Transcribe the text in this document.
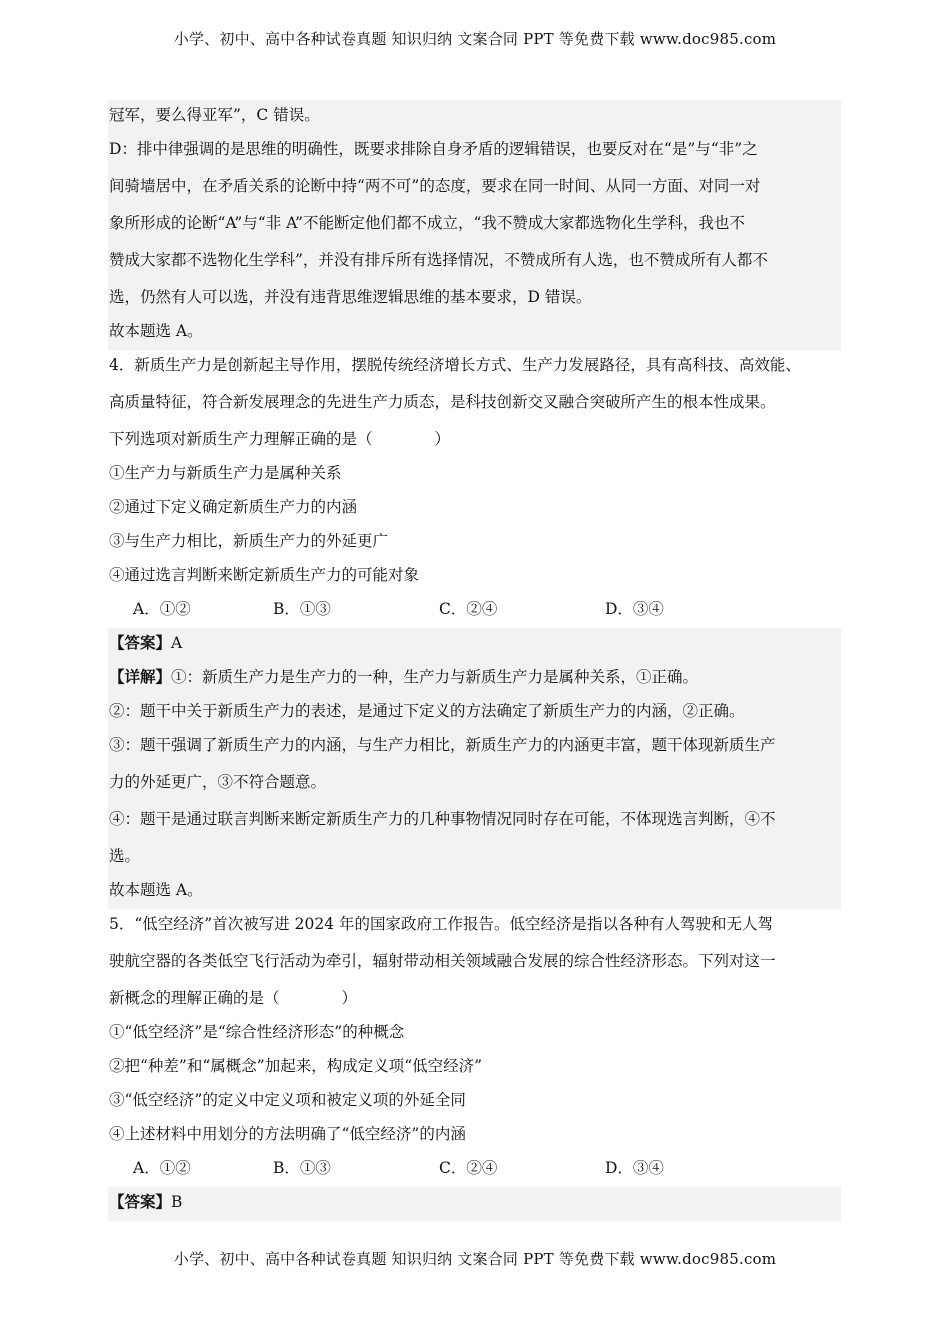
小学、初中、高中各种试卷真题 知识归纳 文案合同 PPT 等免费下载 www.doc985.com
冠军，要么得亚军”，C 错误。
D：排中律强调的是思维的明确性，既要求排除自身矛盾的逻辑错误，也要反对在“是”与“非”之
间骑墙居中，在矛盾关系的论断中持“两不可”的态度，要求在同一时间、从同一方面、对同一对
象所形成的论断“A”与“非 A”不能断定他们都不成立，“我不赞成大家都选物化生学科，我也不
赞成大家都不选物化生学科”，并没有排斥所有选择情况，不赞成所有人选，也不赞成所有人都不
选，仍然有人可以选，并没有违背思维逻辑思维的基本要求，D 错误。
故本题选 A。
4．新质生产力是创新起主导作用，摆脱传统经济增长方式、生产力发展路径，具有高科技、高效能、
高质量特征，符合新发展理念的先进生产力质态，是科技创新交叉融合突破所产生的根本性成果。
下列选项对新质生产力理解正确的是（　　　　）
①生产力与新质生产力是属种关系
②通过下定义确定新质生产力的内涵
③与生产力相比，新质生产力的外延更广
④通过选言判断来断定新质生产力的可能对象
A．①②	B．①③	C．②④	D．③④
【答案】A
【详解】①：新质生产力是生产力的一种，生产力与新质生产力是属种关系，①正确。
②：题干中关于新质生产力的表述，是通过下定义的方法确定了新质生产力的内涵，②正确。
③：题干强调了新质生产力的内涵，与生产力相比，新质生产力的内涵更丰富，题干体现新质生产
力的外延更广，③不符合题意。
④：题干是通过联言判断来断定新质生产力的几种事物情况同时存在可能，不体现选言判断，④不
选。
故本题选 A。
5．“低空经济”首次被写进 2024 年的国家政府工作报告。低空经济是指以各种有人驾驶和无人驾
驶航空器的各类低空飞行活动为牵引，辐射带动相关领域融合发展的综合性经济形态。下列对这一
新概念的理解正确的是（　　　　）
①“低空经济”是“综合性经济形态”的种概念
②把“种差”和“属概念”加起来，构成定义项“低空经济”
③“低空经济”的定义中定义项和被定义项的外延全同
④上述材料中用划分的方法明确了“低空经济”的内涵
A．①②	B．①③	C．②④	D．③④
【答案】B
小学、初中、高中各种试卷真题 知识归纳 文案合同 PPT 等免费下载 www.doc985.com
